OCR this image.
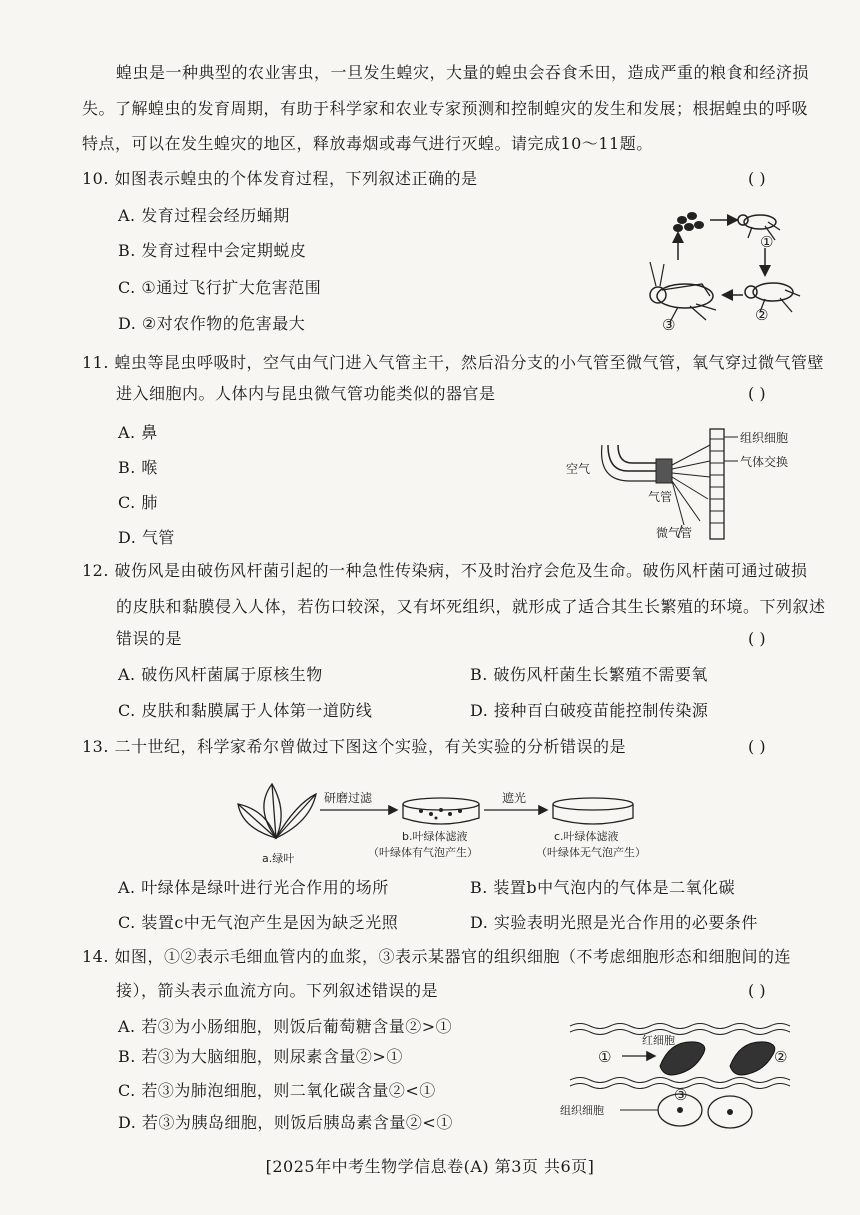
蝗虫是一种典型的农业害虫，一旦发生蝗灾，大量的蝗虫会吞食禾田，造成严重的粮食和经济损
失。了解蝗虫的发育周期，有助于科学家和农业专家预测和控制蝗灾的发生和发展；根据蝗虫的呼吸
特点，可以在发生蝗灾的地区，释放毒烟或毒气进行灭蝗。请完成10～11题。
10. 如图表示蝗虫的个体发育过程，下列叙述正确的是	( )
A. 发育过程会经历蛹期
B. 发育过程中会定期蜕皮
C. ①通过飞行扩大危害范围
D. ②对农作物的危害最大
①
②
③
11. 蝗虫等昆虫呼吸时，空气由气门进入气管主干，然后沿分支的小气管至微气管，氧气穿过微气管壁
进入细胞内。人体内与昆虫微气管功能类似的器官是	( )
A. 鼻
B. 喉
C. 肺
D. 气管
组织细胞
气体交换
空气
气管
微气管
12. 破伤风是由破伤风杆菌引起的一种急性传染病，不及时治疗会危及生命。破伤风杆菌可通过破损
的皮肤和黏膜侵入人体，若伤口较深，又有坏死组织，就形成了适合其生长繁殖的环境。下列叙述
错误的是	( )
A. 破伤风杆菌属于原核生物	B. 破伤风杆菌生长繁殖不需要氧
C. 皮肤和黏膜属于人体第一道防线	D. 接种百白破疫苗能控制传染源
13. 二十世纪，科学家希尔曾做过下图这个实验，有关实验的分析错误的是	( )
a.绿叶
研磨过滤
b.叶绿体滤液
（叶绿体有气泡产生）
遮光
c.叶绿体滤液
（叶绿体无气泡产生）
A. 叶绿体是绿叶进行光合作用的场所	B. 装置b中气泡内的气体是二氧化碳
C. 装置c中无气泡产生是因为缺乏光照	D. 实验表明光照是光合作用的必要条件
14. 如图，①②表示毛细血管内的血浆，③表示某器官的组织细胞（不考虑细胞形态和细胞间的连
接），箭头表示血流方向。下列叙述错误的是	( )
A. 若③为小肠细胞，则饭后葡萄糖含量②>①
B. 若③为大脑细胞，则尿素含量②>①
C. 若③为肺泡细胞，则二氧化碳含量②<①
D. 若③为胰岛细胞，则饭后胰岛素含量②<①
①	②
红细胞
③
组织细胞
[2025年中考生物学信息卷(A) 第3页 共6页]
